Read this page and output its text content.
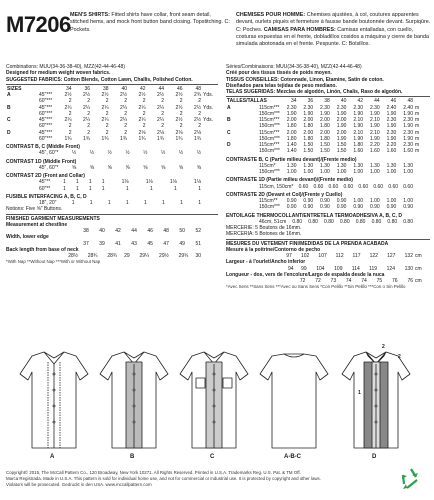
M7206 MEN'S SHIRTS: Fitted shirts have collar, front seam detail, stitched hems, and mock front button band closing. Topstitching. C: Pockets.
CHEMISES POUR HOMME: Chemises ajustées, à col, coutures apparentes devant, ourlets piqués et fermeture à fausse bande boutonnée devant. Surpiqûre. C: Poches. CAMISAS PARA HOMBRES: Camisas entalladas, con cuello, costuras expuestas en el frente, dobladillos cosidos a máquina y cierre de banda simulada abotonada en el frente. Pespunte. C: Bolsillos.
Combinations: MUU(34-36-38-40), MZZ(42-44-46-48)
Designed for medium weight woven fabrics.
SUGGESTED FABRICS: Cotton Blends, Cotton Lawn, Challis, Polished Cotton.
SIZES		34	36	38	40	42	44	46	48	
A	45"***	2½	2½	2½	2½	2½	2½	2½	2¾	Yds.
	60"***	2	2	2	2	2	2	2	2	
B	45"***	2¼	2¼	2¼	2¼	2¼	2¼	2½	2½	Yds.
	60"***	2	2	2	2	2	2	2	2	
C	45"***	2¼	2¼	2¼	2¼	2¼	2¼	2½	2½	Yds.
	60"***	2	2	2	2	2	2	2	2	
D	45"***	2	2	2	2	2⅛	2⅛	2⅛	2⅛	
	60"***	1¾	1¾	1¾	1¾	1¾	1¾	1¾	1¾	
CONTRAST B, C (Middle Front)
	45", 60"*	½	½	½	½	½	½	½	½	
CONTRAST 1D (Middle Front)
	45", 60"*	⅝	⅝	⅝	⅝	⅝	⅝	⅝	⅝	
CONTRAST 2D (Front and Collar)
	45"**	1	1	1	1	1⅛	1⅛	1⅛	1⅛	
	60"**	1	1	1	1	1	1	1	1	
FUSIBLE INTERFACING A, B, C, D
	18", 20"	1	1	1	1	1	1	1	1	
Notions: Five ⅝" Buttons.
FINISHED GARMENT MEASUREMENTS
Measurement at chestline
	38	40	42	44	46	48	50	52	
Width, lower edge
	37	39	41	43	45	47	49	51	
Back length from base of neck
	28½	28¾	28¾	29	29¼	29½	29¾	30	
*With Nap **Without Nap ***With or Without Nap
Séries/Combinaisons: MUU(34-36-38-40), MZZ(42-44-46-48)
Créé pour des tissus tissés de poids moyen.
TISSUS CONSEILLÉS: Cotonnade, Linon, Etamine, Satin de coton.
Diseñados para telas tejidas de peso mediano.
TELAS SUGERIDAS: Mezclas de algodón, Linón, Chalís, Raso de algodón.
TALLES/TALLAS		34	36	38	40	42	44	46	48	
A	115cm***	2.30	2.30	2.30	2.30	2.30	2.30	2.40	2.40	m
	150cm***	1.90	1.90	1.90	1.90	1.90	1.90	1.90	1.90	m
B	115cm***	2.00	2.00	2.00	2.00	2.10	2.10	2.30	2.30	m
	150cm***	1.80	1.80	1.80	1.90	1.90	1.90	1.90	1.90	m
C	115cm***	2.00	2.00	2.00	2.00	2.10	2.10	2.30	2.30	m
	150cm***	1.80	1.80	1.80	1.90	1.90	1.90	1.90	1.90	m
D	115cm***	1.40	1.50	1.50	1.50	1.80	2.20	2.20	2.30	m
	150cm***	1.40	1.50	1.50	1.50	1.60	1.60	1.60	1.60	m
CONTRASTE B, C (Partie milieu devant)/(Frente medio)
	115cm*	1.30	1.30	1.30	1.30	1.30	1.30	1.30	1.30	
	150cm***	1.00	1.00	1.00	1.00	1.00	1.00	1.00	1.00	
CONTRASTE 1D (Partie milieu devant)/(Frente medio)
	115cm, 150cm*	0.60	0.60	0.60	0.60	0.60	0.60	0.60	0.60	
CONTRASTE 2D (Devant et Col)/(Frente y Cuello)
	115cm**	0.90	0.90	0.90	0.90	1.00	1.00	1.00	1.00	
	150cm***	0.90	0.90	0.90	0.90	0.90	0.90	0.90	0.90	
ENTOILAGE THERMOCOLLANT/ENTRETELA TERMOADHESIVA A, B, C, D
	46cm, 51cm	0.80	0.80	0.80	0.80	0.80	0.80	0.80	0.80	
MERCERIE: 5 Boutons de 16mm.
MERCERIA: 5 Botones de 16mm.
MESURES DU VÊTEMENT FINI/MEDIDAS DE LA PRENDA ACABADA
Mesure à la poitrine/Contorno de pecho
	97	102	107	112	117	122	127	132	cm
Largeur - à l'ourlet/Ancho inferior
	94	99	104	109	114	119	124	130	cm
Longueur - dos, vers de l'encolure/Largo de espalda desde la nuca
	72	72	73	74	74	75	76	76	cm
*Avec Sens **Sans Sens ***Avec ou Sans Sens *Con Pelillo **Sin Pelillo ***Con o Sin Pelillo
A	B	C	A-B-C	D
1
2
2
Copyright© 2015, The McCall Pattern Co., 120 Broadway, New York 10271. All Rights Reserved. Printed in U.S.A. Trademarks Reg. U.S. Pat. & TM Off.
Marca Registrada. Made in U.S.A. This pattern is sold for individual home use, and not for commercial or industrial use. It is protected by copyright and other laws.
Violators will be prosecuted. Gedruckt in den USA. www.mccallpattern.com
